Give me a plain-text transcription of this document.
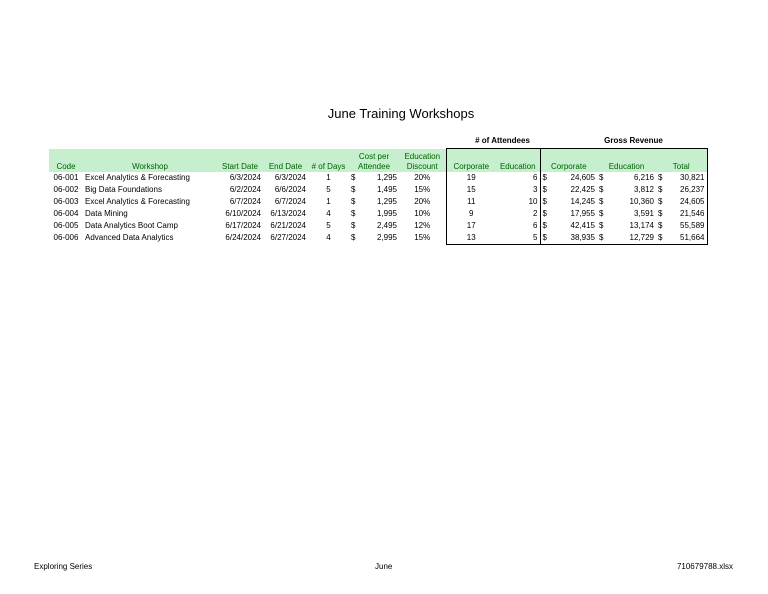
June Training Workshops
# of Attendees	Gross Revenue
Code	Workshop	Start Date	End Date	# of Days	Cost per Attendee	Education Discount	Corporate	Education	Corporate	Education	Total
06-001	Excel Analytics & Forecasting	6/3/2024	6/3/2024	1	$ 1,295	20%	19	6	$ 24,605	$ 6,216	$ 30,821

06-002	Big Data Foundations	6/2/2024	6/6/2024	5	$ 1,495	15%	15	3	$ 22,425	$ 3,812	$ 26,237

06-003	Excel Analytics & Forecasting	6/7/2024	6/7/2024	1	$ 1,295	20%	11	10	$ 14,245	$ 10,360	$ 24,605

06-004	Data Mining	6/10/2024	6/13/2024	4	$ 1,995	10%	9	2	$ 17,955	$ 3,591	$ 21,546

06-005	Data Analytics Boot Camp	6/17/2024	6/21/2024	5	$ 2,495	12%	17	6	$ 42,415	$ 13,174	$ 55,589

06-006	Advanced Data Analytics	6/24/2024	6/27/2024	4	$ 2,995	15%	13	5	$ 38,935	$ 12,729	$ 51,664
Exploring Series	June	710679788.xlsx
